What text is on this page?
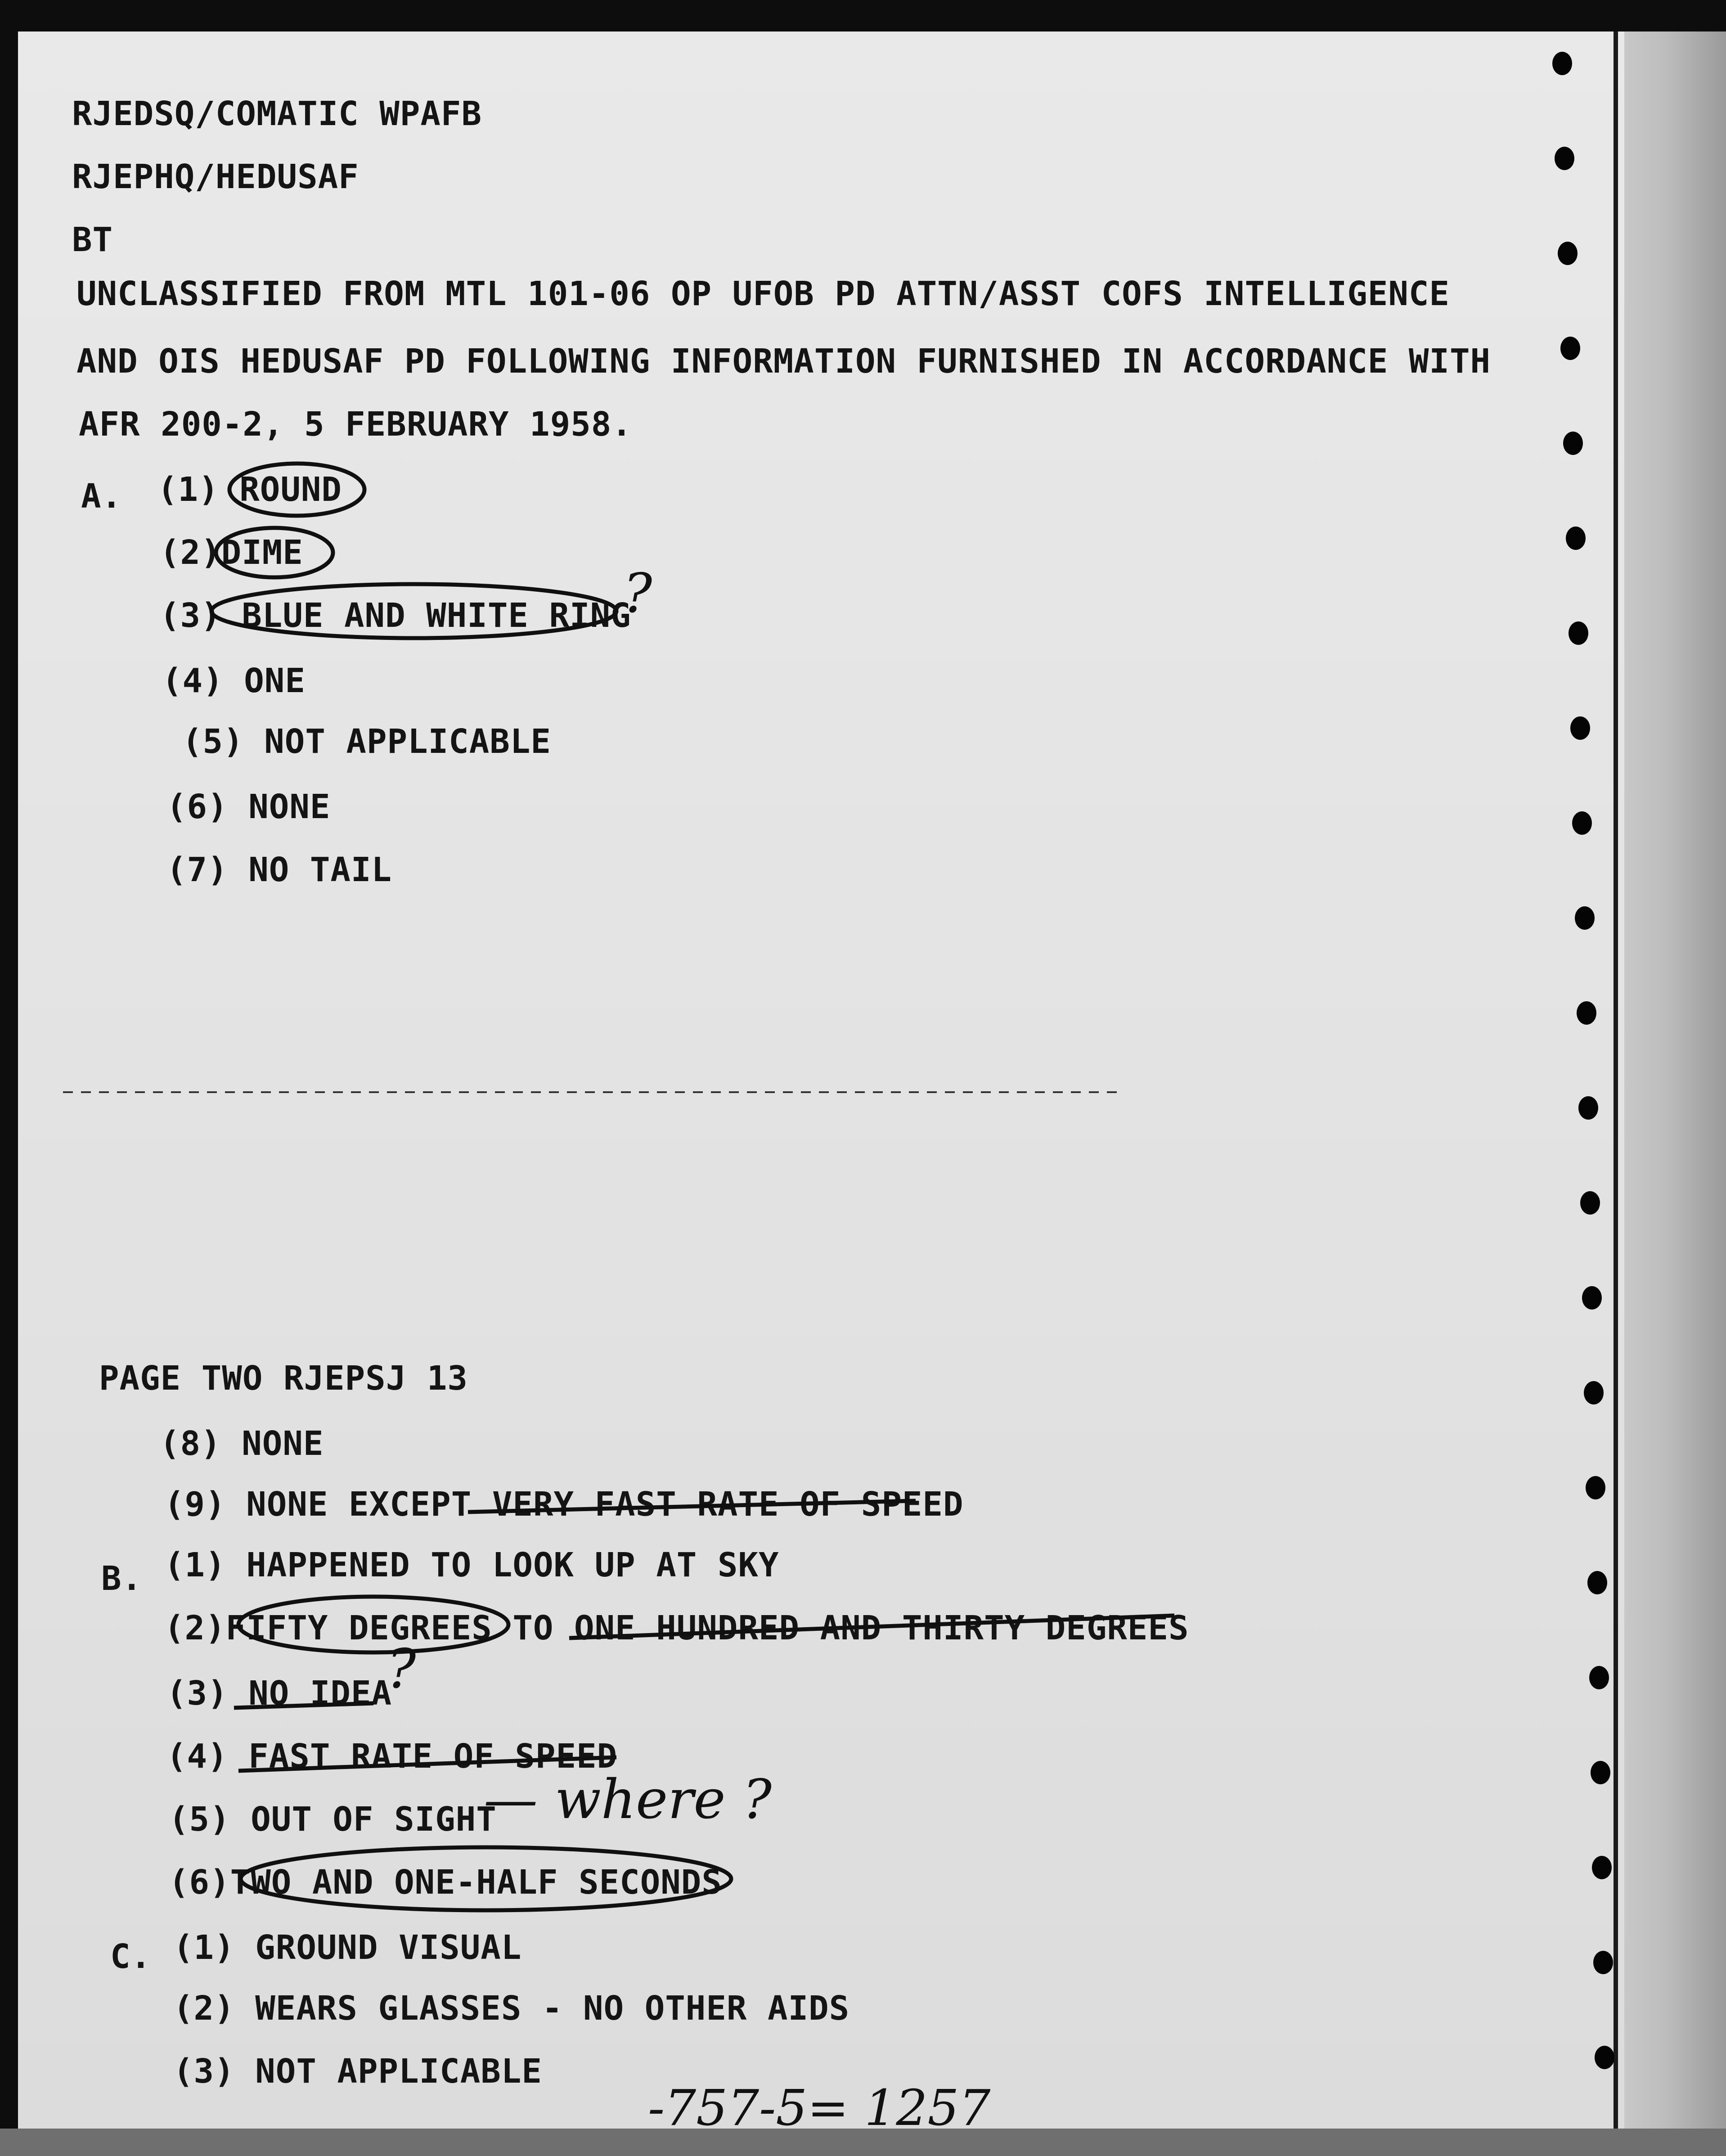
RJEDSQ/COMATIC WPAFB
RJEPHQ/HEDUSAF
BT
UNCLASSIFIED FROM MTL 101-06 OP UFOB PD ATTN/ASST COFS INTELLIGENCE
AND OIS HEDUSAF PD FOLLOWING INFORMATION FURNISHED IN ACCORDANCE WITH
AFR 200-2, 5 FEBRUARY 1958.
A. (1) ROUND
(2)DIME
(3) BLUE AND WHITE RING
(4) ONE
(5) NOT APPLICABLE
(6) NONE
(7) NO TAIL
PAGE TWO RJEPSJ 13
(8) NONE
(9) NONE EXCEPT VERY FAST RATE OF SPEED
B. (1) HAPPENED TO LOOK UP AT SKY
(2)FIFTY DEGREES TO ONE HUNDRED AND THIRTY DEGREES
(3) NO IDEA
(4) FAST RATE OF SPEED
(5) OUT OF SIGHT
(6)TWO AND ONE-HALF SECONDS
C. (1) GROUND VISUAL
(2) WEARS GLASSES - NO OTHER AIDS
(3) NOT APPLICABLE
?
?
— where ?
-757-5= 1257
